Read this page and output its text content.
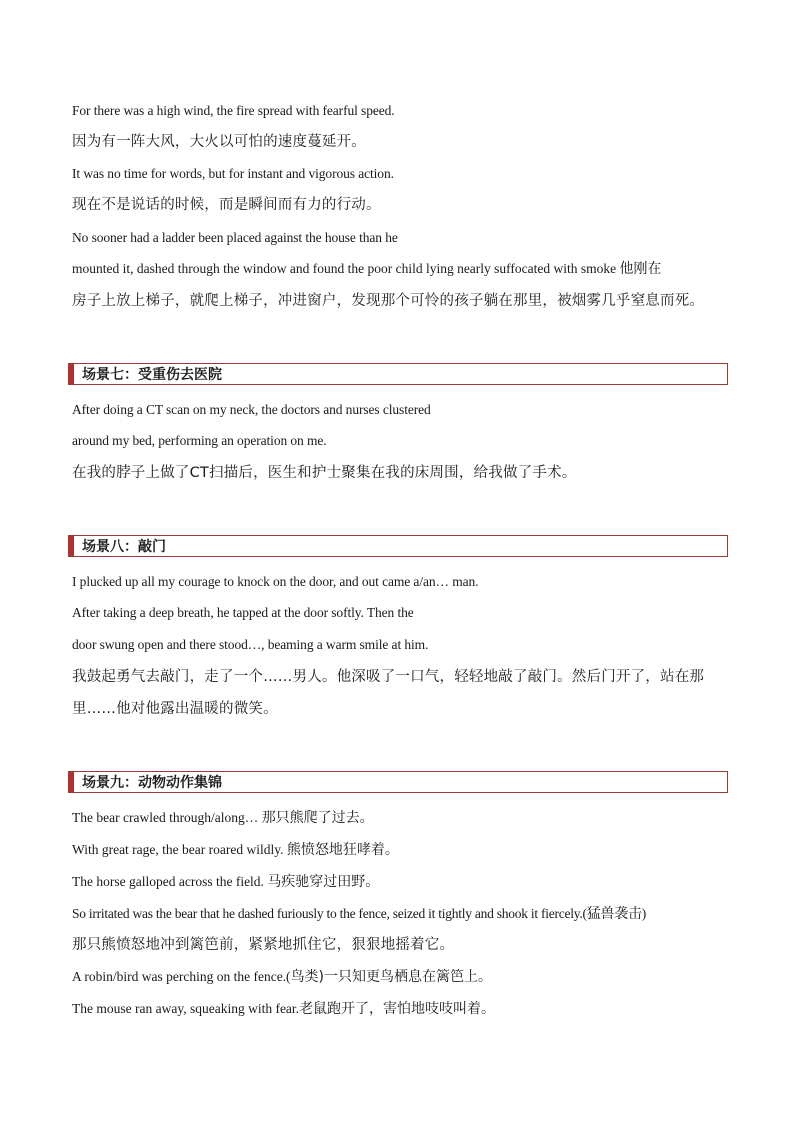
For there was a high wind, the fire spread with fearful speed.
因为有一阵大风，大火以可怕的速度蔓延开。
It was no time for words, but for instant and vigorous action.
现在不是说话的时候，而是瞬间而有力的行动。
No sooner had a ladder been placed against the house than he
mounted it, dashed through the window and found the poor child lying nearly suffocated with smoke 他刚在
房子上放上梯子，就爬上梯子，冲进窗户，发现那个可怜的孩子躺在那里，被烟雾几乎窒息而死。
场景七：受重伤去医院
After doing a CT scan on my neck, the doctors and nurses clustered
around my bed, performing an operation on me.
在我的脖子上做了CT扫描后，医生和护士聚集在我的床周围，给我做了手术。
场景八：敲门
I plucked up all my courage to knock on the door, and out came a/an… man.
After taking a deep breath, he tapped at the door softly. Then the
door swung open and there stood…, beaming a warm smile at him.
我鼓起勇气去敲门，走了一个……男人。他深吸了一口气，轻轻地敲了敲门。然后门开了，站在那
里……他对他露出温暖的微笑。
场景九：动物动作集锦
The bear crawled through/along… 那只熊爬了过去。
With great rage, the bear roared wildly. 熊愤怒地狂哮着。
The horse galloped across the field. 马疾驰穿过田野。
So irritated was the bear that he dashed furiously to the fence, seized it tightly and shook it fiercely.(猛兽袭击)
那只熊愤怒地冲到篱笆前，紧紧地抓住它，狠狠地摇着它。
A robin/bird was perching on the fence.(鸟类)一只知更鸟栖息在篱笆上。
The mouse ran away, squeaking with fear.老鼠跑开了，害怕地吱吱叫着。
